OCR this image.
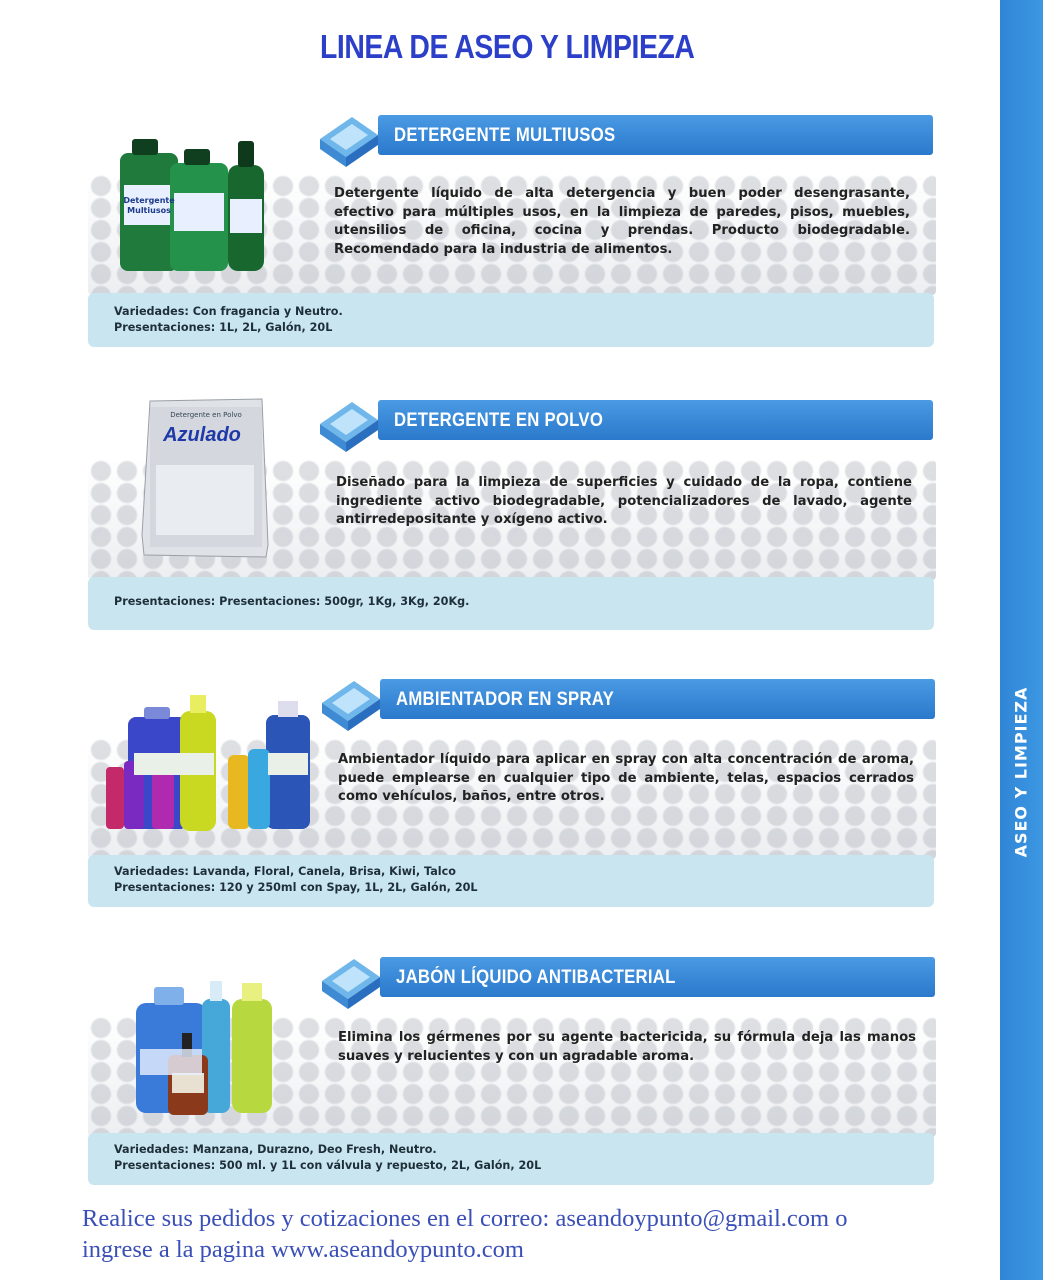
LINEA DE ASEO Y LIMPIEZA
ASEO Y LIMPIEZA
DETERGENTE MULTIUSOS
Detergente
Multiusos
Detergente líquido de alta detergencia y buen poder desengrasante, efectivo para múltiples usos, en la limpieza de paredes, pisos, muebles, utensilios de oficina, cocina y prendas. Producto biodegradable. Recomendado para la industria de alimentos.
Variedades: Con fragancia y Neutro.
Presentaciones: 1L, 2L, Galón, 20L
DETERGENTE EN POLVO
Detergente en Polvo
Azulado
Diseñado para la limpieza de superficies y cuidado de la ropa, contiene ingrediente activo biodegradable, potencializadores de lavado, agente antirredepositante y oxígeno activo.
Presentaciones: Presentaciones: 500gr, 1Kg, 3Kg, 20Kg.
AMBIENTADOR EN SPRAY
Ambientador líquido para aplicar en spray con alta concentración de aroma, puede emplearse en cualquier tipo de ambiente, telas, espacios cerrados como vehículos, baños, entre otros.
Variedades: Lavanda, Floral, Canela, Brisa, Kiwi, Talco
Presentaciones: 120 y 250ml con Spay, 1L, 2L, Galón, 20L
JABÓN LÍQUIDO ANTIBACTERIAL
Elimina los gérmenes por su agente bactericida, su fórmula deja las manos suaves y relucientes y con un agradable aroma.
Variedades: Manzana, Durazno, Deo Fresh, Neutro.
Presentaciones: 500 ml. y 1L con válvula y repuesto, 2L, Galón, 20L
Realice sus pedidos y cotizaciones en el correo: aseandoypunto@gmail.com o
ingrese a la pagina www.aseandoypunto.com
